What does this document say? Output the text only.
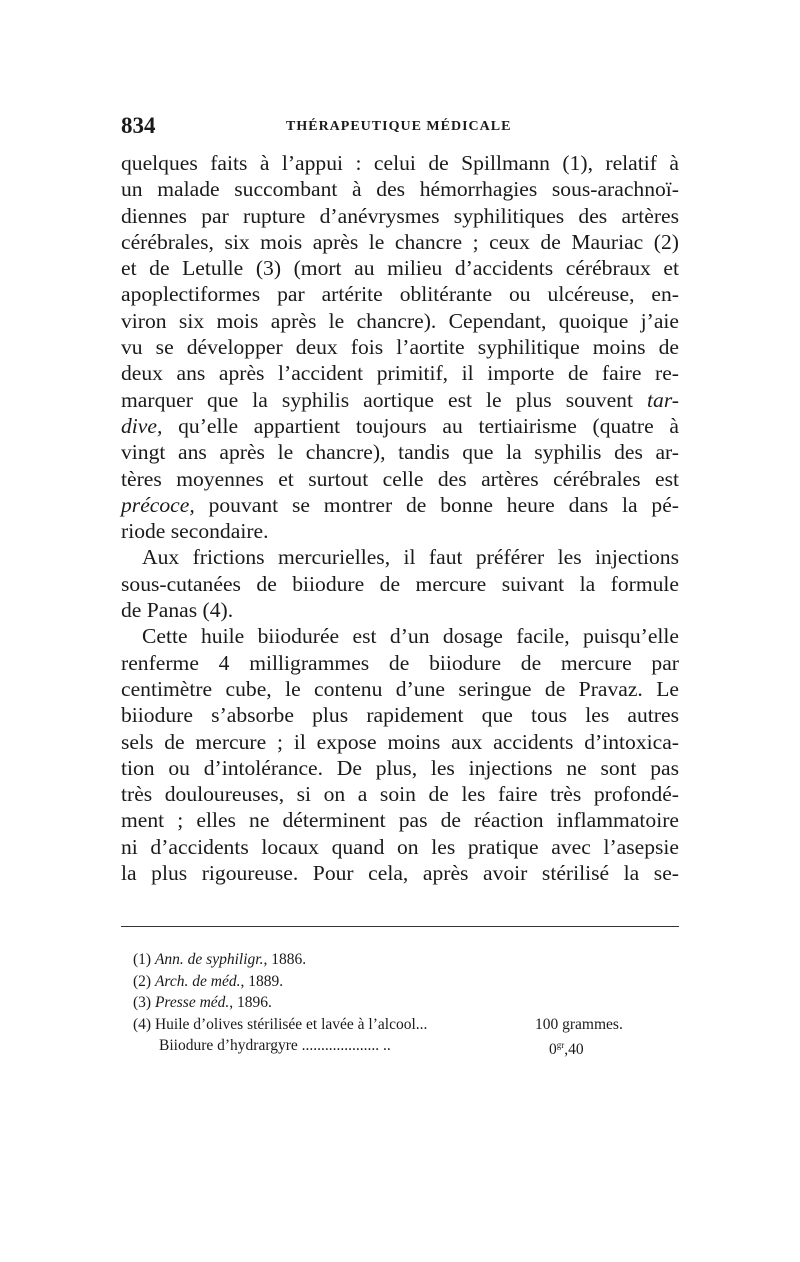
834	THÉRAPEUTIQUE MÉDICALE
quelques faits à l’appui : celui de Spillmann (1), relatif à
un malade succombant à des hémorrhagies sous-arachnoï-
diennes par rupture d’anévrysmes syphilitiques des artères
cérébrales, six mois après le chancre ; ceux de Mauriac (2)
et de Letulle (3) (mort au milieu d’accidents cérébraux et
apoplectiformes par artérite oblitérante ou ulcéreuse, en-
viron six mois après le chancre). Cependant, quoique j’aie
vu se développer deux fois l’aortite syphilitique moins de
deux ans après l’accident primitif, il importe de faire re-
marquer que la syphilis aortique est le plus souvent tar-
dive, qu’elle appartient toujours au tertiairisme (quatre à
vingt ans après le chancre), tandis que la syphilis des ar-
tères moyennes et surtout celle des artères cérébrales est
précoce, pouvant se montrer de bonne heure dans la pé-
riode secondaire.
Aux frictions mercurielles, il faut préférer les injections
sous-cutanées de biiodure de mercure suivant la formule
de Panas (4).
Cette huile biiodurée est d’un dosage facile, puisqu’elle
renferme 4 milligrammes de biiodure de mercure par
centimètre cube, le contenu d’une seringue de Pravaz. Le
biiodure s’absorbe plus rapidement que tous les autres
sels de mercure ; il expose moins aux accidents d’intoxica-
tion ou d’intolérance. De plus, les injections ne sont pas
très douloureuses, si on a soin de les faire très profondé-
ment ; elles ne déterminent pas de réaction inflammatoire
ni d’accidents locaux quand on les pratique avec l’asepsie
la plus rigoureuse. Pour cela, après avoir stérilisé la se-
(1) Ann. de syphiligr., 1886.
(2) Arch. de méd., 1889.
(3) Presse méd., 1896.
(4) Huile d’olives stérilisée et lavée à l’alcool...	100 grammes.
Biiodure d’hydrargyre .................... ..	$0^{gr},40$
